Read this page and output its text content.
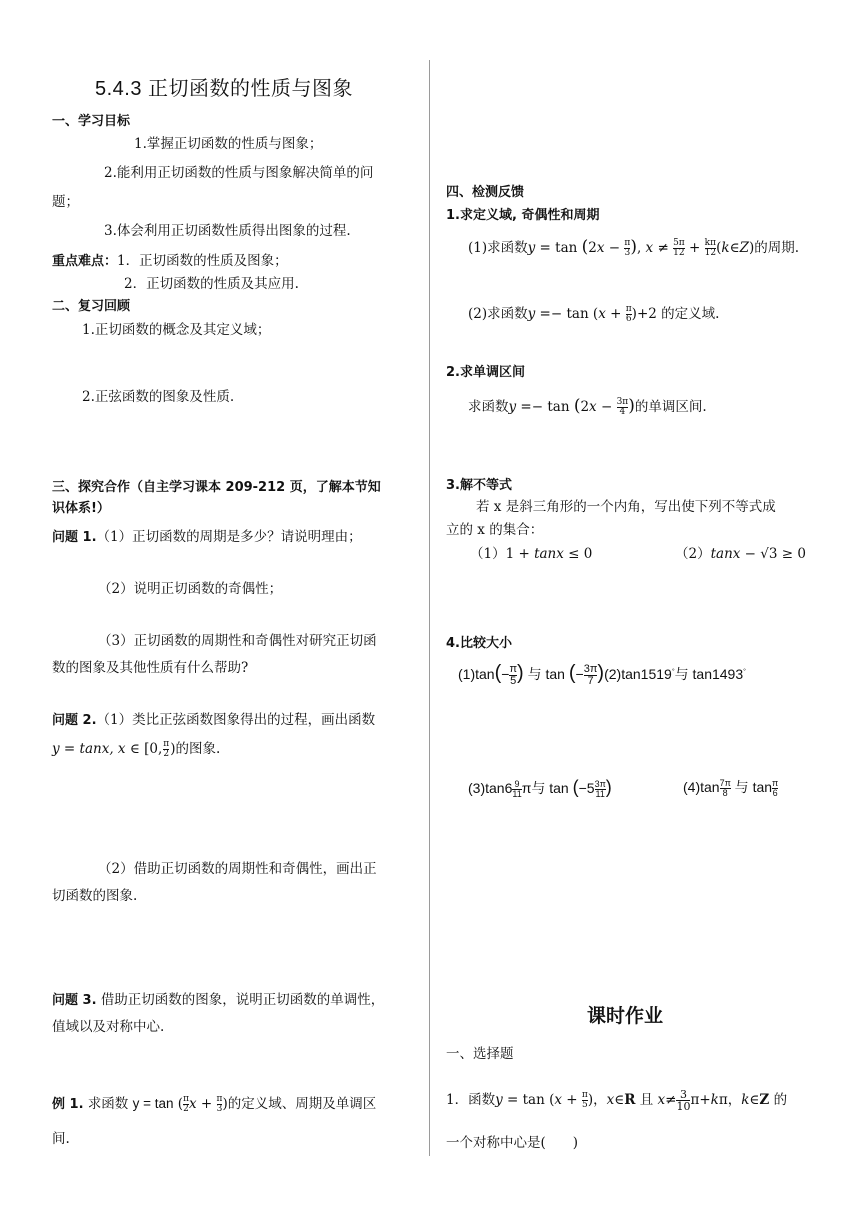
5.4.3 正切函数的性质与图象
一、学习目标
1.掌握正切函数的性质与图象；
2.能利用正切函数的性质与图象解决简单的问
题；
3.体会利用正切函数性质得出图象的过程.
重点难点：1．正切函数的性质及图象；
2．正切函数的性质及其应用.
二、复习回顾
1.正切函数的概念及其定义域；
2.正弦函数的图象及性质.
三、探究合作（自主学习课本 209-212 页，了解本节知
识体系!）
问题 1.（1）正切函数的周期是多少？请说明理由；
（2）说明正切函数的奇偶性；
（3）正切函数的周期性和奇偶性对研究正切函
数的图象及其他性质有什么帮助?
问题 2.（1）类比正弦函数图象得出的过程，画出函数
y = tanx, x ∈ [0, $\frac{\pi}{2}$ )的图象.
（2）借助正切函数的周期性和奇偶性，画出正
切函数的图象.
问题 3. 借助正切函数的图象，说明正切函数的单调性，
值域以及对称中心.
例 1. 求函数 y = tan ( $\frac{\pi}{2}$ $x + \frac{\pi}{3}$ )的定义域、周期及单调区
间.
四、检测反馈
1.求定义域, 奇偶性和周期
(1)求函数$y = \tan (2x - \frac{\pi}{3}$ ), $x \ne \frac{5\pi}{12} + \frac{k\pi}{12}$ (k∈Z)的周期.
(2)求函数$y =- \tan (x + \frac{\pi}{6} )+2$ 的定义域.
2.求单调区间
求函数$y =- \tan (2x - \frac{3\pi}{4}$ )的单调区间.
3.解不等式
若 x 是斜三角形的一个内角，写出使下列不等式成
立的 x 的集合：
（1）1 + tanx ≤ 0	（2）tanx − √3 ≥ 0
4.比较大小
$(1)\tan(- \frac{\pi}{5}$ ) 与 tan (− $\frac{3\pi}{7} )(2)\tan 1519^\circ$与 tan1493°
$(3)\tan 6 \frac{9}{11}$ π与 $\tan (-5 \frac{3\pi}{11}$ )	$(4)\tan \frac{7\pi}{8}$ 与 $\tan \frac{\pi}{6}$
课时作业
一、选择题
1．函数$y = \tan (x + \frac{\pi}{5}$ )，x∈R 且 $x\ne \frac{3}{10} \pi+k\pi$，k∈Z 的
一个对称中心是(　　)
